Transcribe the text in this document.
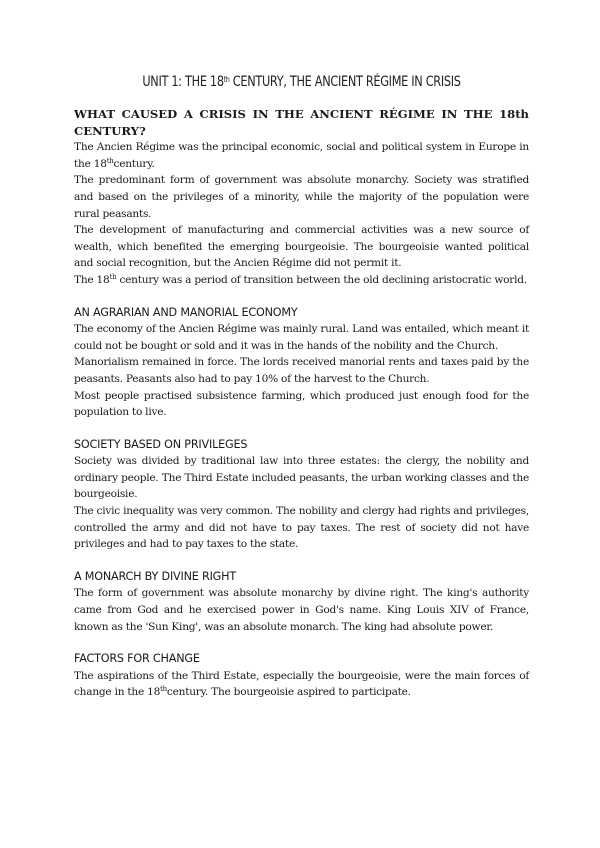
UNIT 1: THE 18th CENTURY, THE ANCIENT RÉGIME IN CRISIS

WHAT CAUSED A CRISIS IN THE ANCIENT RÉGIME IN THE 18th CENTURY?

The Ancien Régime was the principal economic, social and political system in Europe in the 18thcentury.

The predominant form of government was absolute monarchy. Society was stratified and based on the privileges of a minority, while the majority of the population were rural peasants.

The development of manufacturing and commercial activities was a new source of wealth, which benefited the emerging bourgeoisie. The bourgeoisie wanted political and social recognition, but the Ancien Régime did not permit it.

The 18th century was a period of transition between the old declining aristocratic world.

AN AGRARIAN AND MANORIAL ECONOMY

The economy of the Ancien Régime was mainly rural. Land was entailed, which meant it could not be bought or sold and it was in the hands of the nobility and the Church.

Manorialism remained in force. The lords received manorial rents and taxes paid by the peasants. Peasants also had to pay 10% of the harvest to the Church.

Most people practised subsistence farming, which produced just enough food for the population to live.

SOCIETY BASED ON PRIVILEGES

Society was divided by traditional law into three estates: the clergy, the nobility and ordinary people. The Third Estate included peasants, the urban working classes and the bourgeoisie.

The civic inequality was very common. The nobility and clergy had rights and privileges, controlled the army and did not have to pay taxes. The rest of society did not have privileges and had to pay taxes to the state.

A MONARCH BY DIVINE RIGHT

The form of government was absolute monarchy by divine right. The king's authority came from God and he exercised power in God's name. King Louis XIV of France, known as the 'Sun King', was an absolute monarch. The king had absolute power.

FACTORS FOR CHANGE

The aspirations of the Third Estate, especially the bourgeoisie, were the main forces of change in the 18thcentury. The bourgeoisie aspired to participate.
